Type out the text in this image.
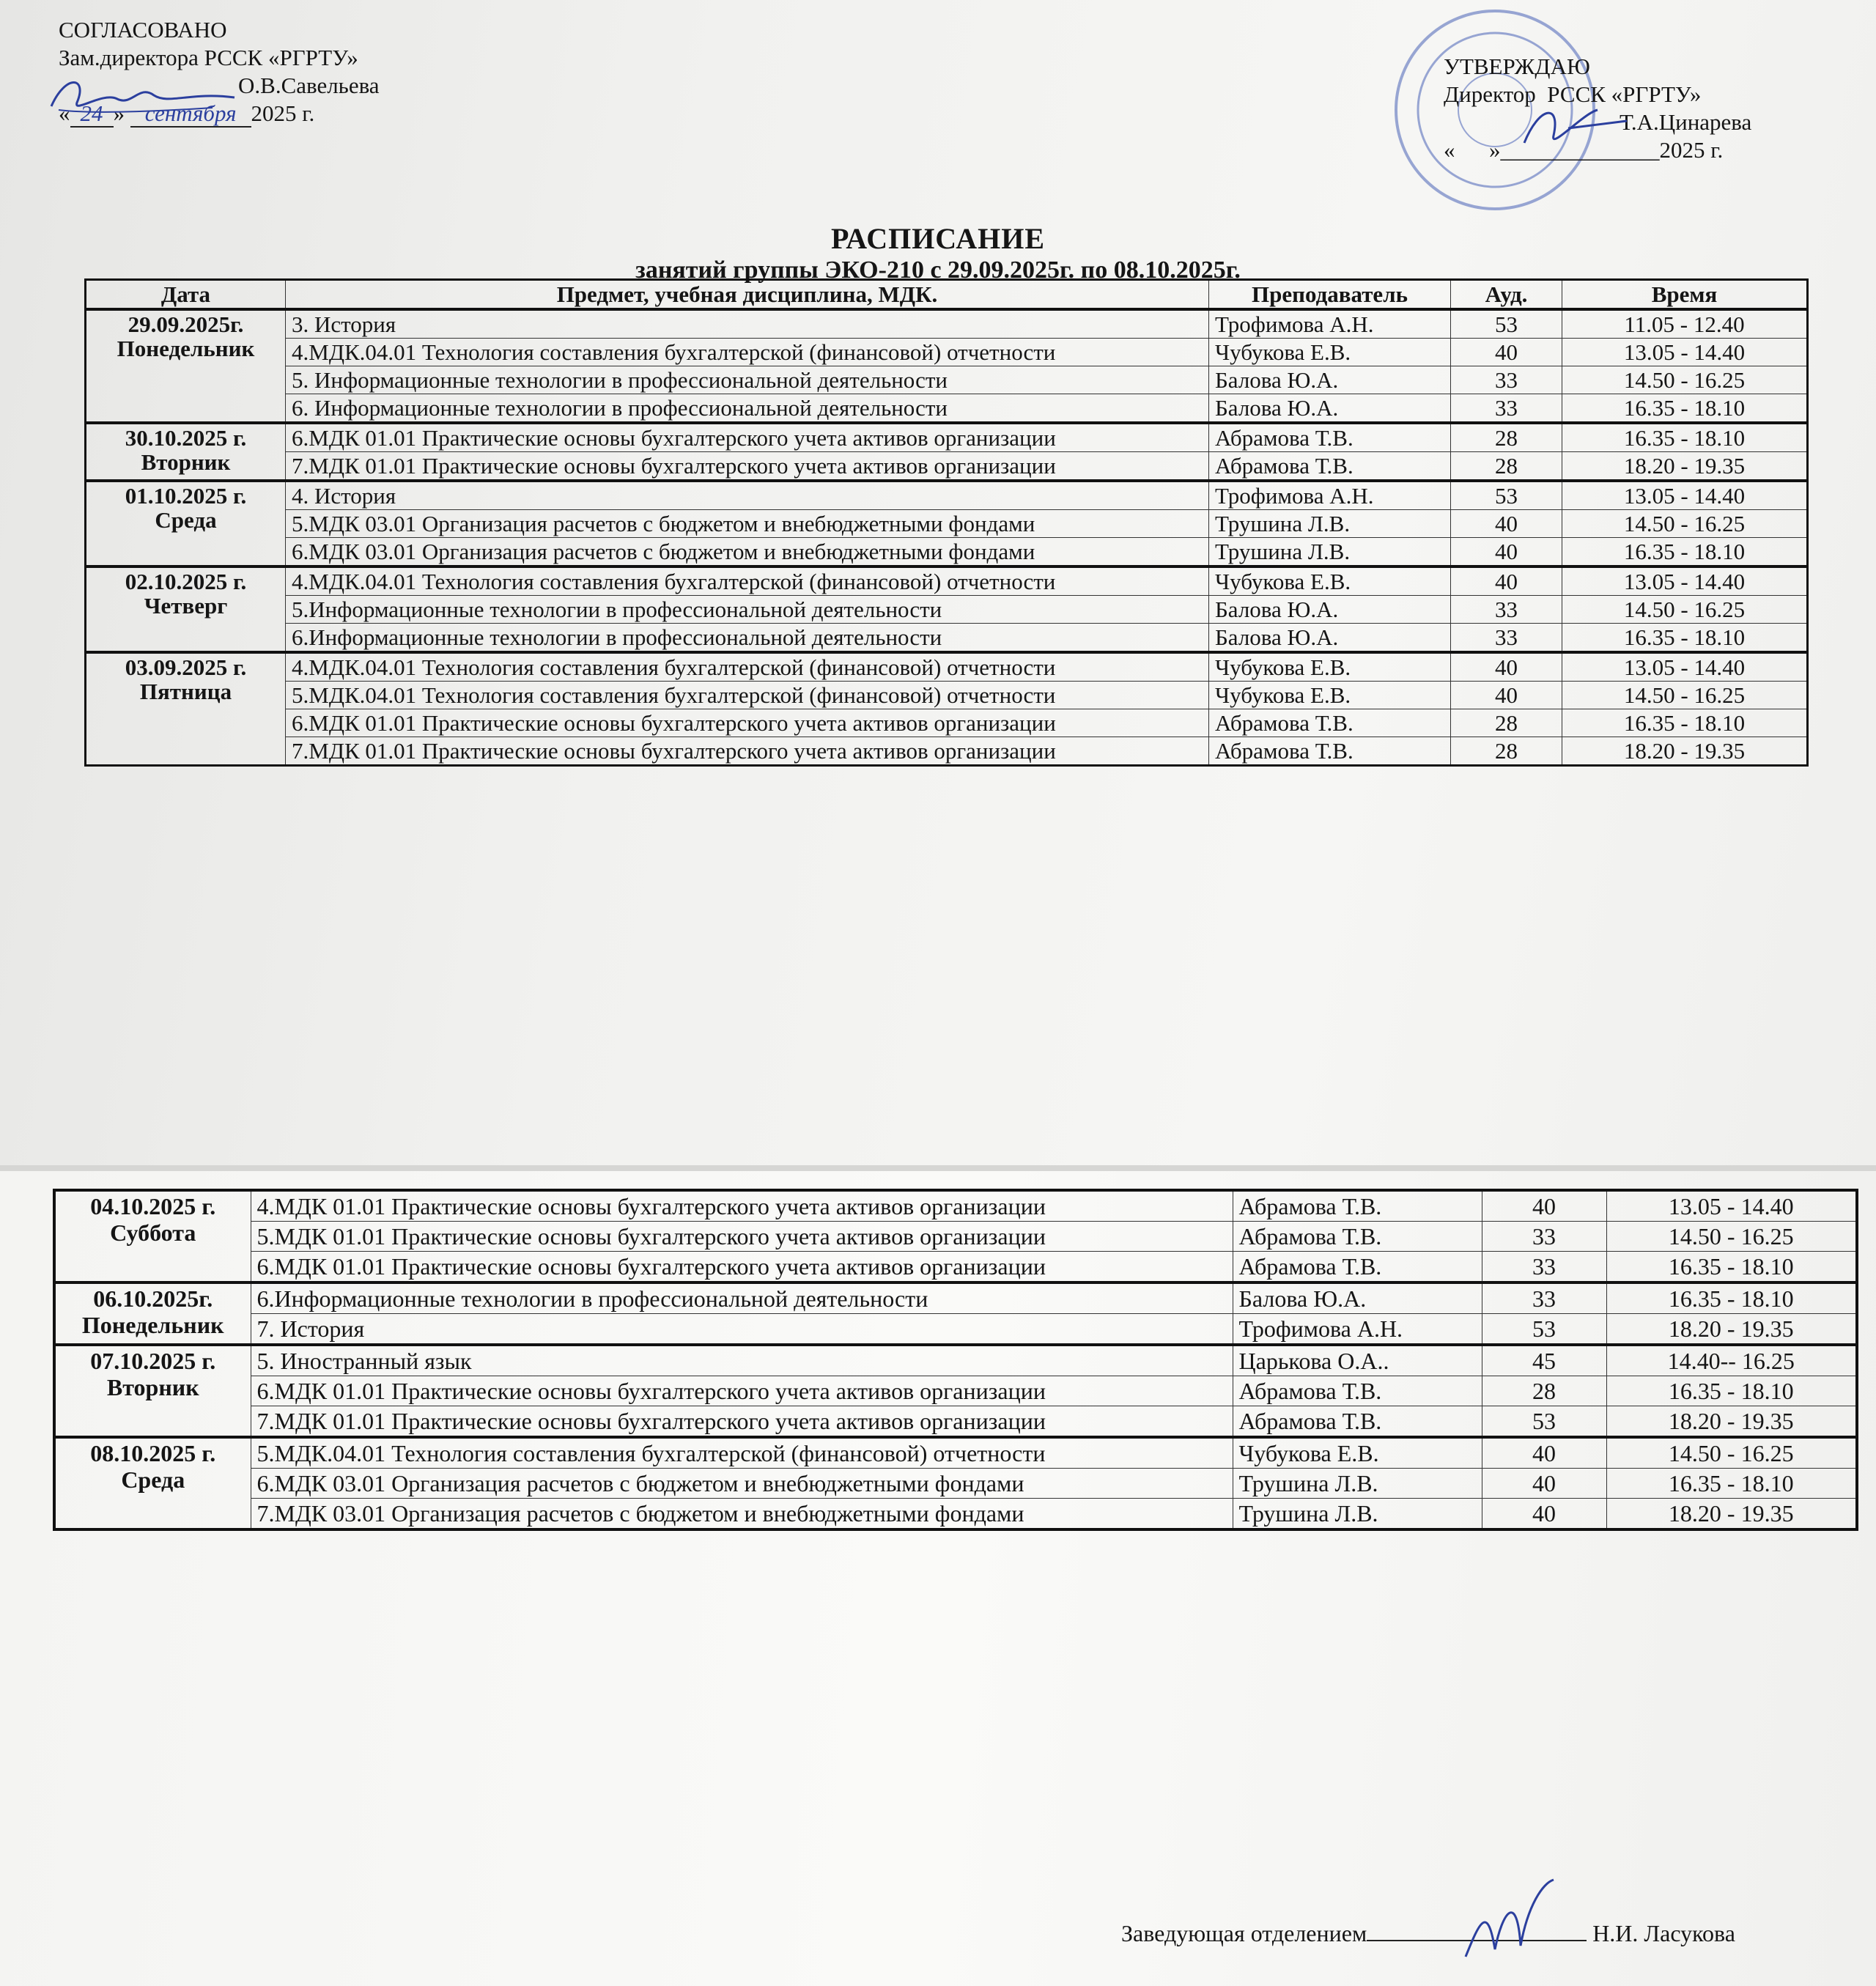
СОГЛАСОВАНО
Зам.директора РССК «РГРТУ»
О.В.Савельева
« 24 » сентября 2025 г.
УТВЕРЖДАЮ
Директор  РССК «РГРТУ»
Т.А.Цинарева
«      »______________2025 г.
РАСПИСАНИЕ
занятий группы ЭКО-210 с 29.09.2025г. по 08.10.2025г.
Дата	Предмет, учебная дисциплина, МДК.	Преподаватель	Ауд.	Время

29.09.2025г.
Понедельник	3. История	Трофимова А.Н.	53	11.05 - 12.40
	4.МДК.04.01 Технология составления бухгалтерской (финансовой) отчетности	Чубукова Е.В.	40	13.05 - 14.40
	5. Информационные технологии в профессиональной деятельности	Балова Ю.А.	33	14.50 - 16.25
	6. Информационные технологии в профессиональной деятельности	Балова Ю.А.	33	16.35 - 18.10

30.10.2025 г.
Вторник	6.МДК 01.01 Практические основы бухгалтерского учета активов организации	Абрамова Т.В.	28	16.35 - 18.10
	7.МДК 01.01 Практические основы бухгалтерского учета активов организации	Абрамова Т.В.	28	18.20 - 19.35

01.10.2025 г.
Среда	4. История	Трофимова А.Н.	53	13.05 - 14.40
	5.МДК 03.01 Организация расчетов с бюджетом и внебюджетными фондами	Трушина Л.В.	40	14.50 - 16.25
	6.МДК 03.01 Организация расчетов с бюджетом и внебюджетными фондами	Трушина Л.В.	40	16.35 - 18.10

02.10.2025 г.
Четверг	4.МДК.04.01 Технология составления бухгалтерской (финансовой) отчетности	Чубукова Е.В.	40	13.05 - 14.40
	5.Информационные технологии в профессиональной деятельности	Балова Ю.А.	33	14.50 - 16.25
	6.Информационные технологии в профессиональной деятельности	Балова Ю.А.	33	16.35 - 18.10

03.09.2025 г.
Пятница	4.МДК.04.01 Технология составления бухгалтерской (финансовой) отчетности	Чубукова Е.В.	40	13.05 - 14.40
	5.МДК.04.01 Технология составления бухгалтерской (финансовой) отчетности	Чубукова Е.В.	40	14.50 - 16.25
	6.МДК 01.01 Практические основы бухгалтерского учета активов организации	Абрамова Т.В.	28	16.35 - 18.10
	7.МДК 01.01 Практические основы бухгалтерского учета активов организации	Абрамова Т.В.	28	18.20 - 19.35
04.10.2025 г.
Суббота	4.МДК 01.01 Практические основы бухгалтерского учета активов организации	Абрамова Т.В.	40	13.05 - 14.40
	5.МДК 01.01 Практические основы бухгалтерского учета активов организации	Абрамова Т.В.	33	14.50 - 16.25
	6.МДК 01.01 Практические основы бухгалтерского учета активов организации	Абрамова Т.В.	33	16.35 - 18.10

06.10.2025г.
Понедельник	6.Информационные технологии в профессиональной деятельности	Балова Ю.А.	33	16.35 - 18.10
	7. История	Трофимова А.Н.	53	18.20 - 19.35

07.10.2025 г.
Вторник	5. Иностранный язык	Царькова О.А..	45	14.40-- 16.25
	6.МДК 01.01 Практические основы бухгалтерского учета активов организации	Абрамова Т.В.	28	16.35 - 18.10
	7.МДК 01.01 Практические основы бухгалтерского учета активов организации	Абрамова Т.В.	53	18.20 - 19.35

08.10.2025 г.
Среда	5.МДК.04.01 Технология составления бухгалтерской (финансовой) отчетности	Чубукова Е.В.	40	14.50 - 16.25
	6.МДК 03.01 Организация расчетов с бюджетом и внебюджетными фондами	Трушина Л.В.	40	16.35 - 18.10
	7.МДК 03.01 Организация расчетов с бюджетом и внебюджетными фондами	Трушина Л.В.	40	18.20 - 19.35
Заведующая отделением	Н.И. Ласукова
